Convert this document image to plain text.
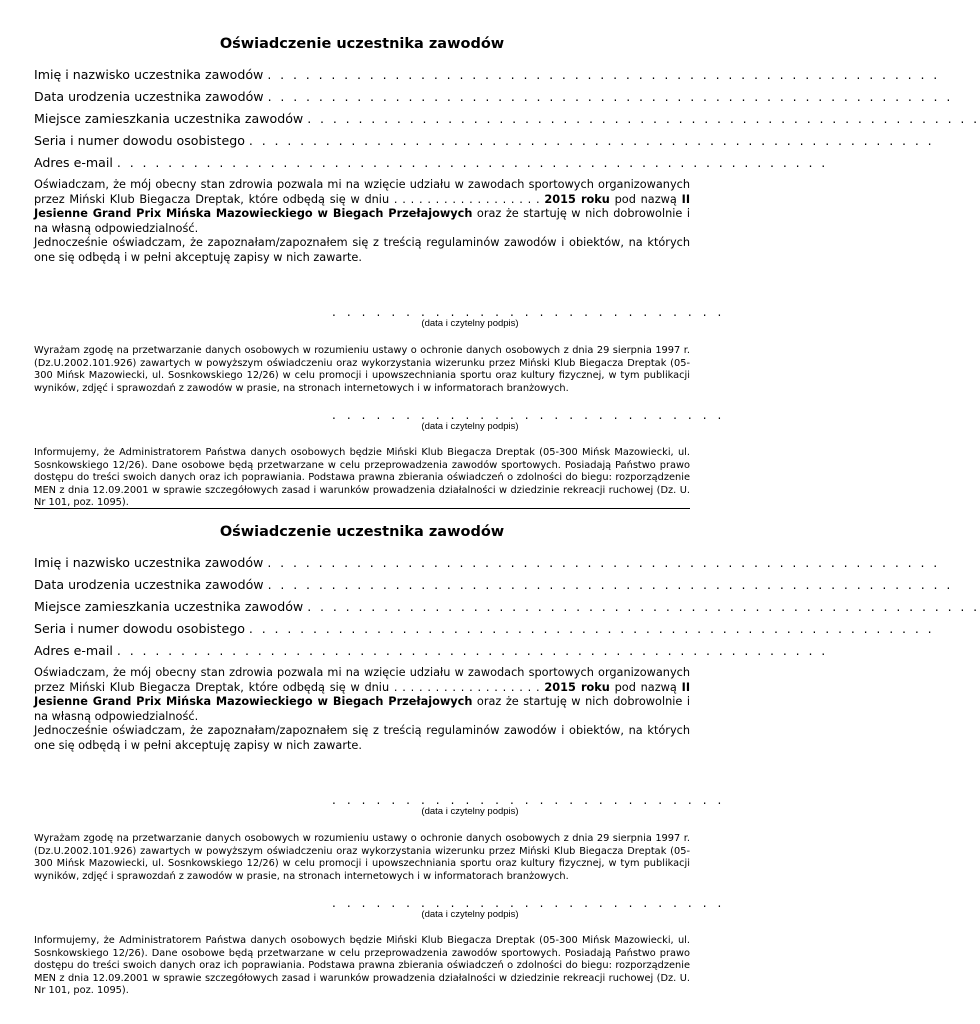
Oświadczenie uczestnika zawodów
Imię i nazwisko uczestnika zawodów . . . . . . . . . . . . . . . . . . . . . . . . . . . . . . . . . . . . . . . . . . . . . . . . . . . . .
Data urodzenia uczestnika zawodów . . . . . . . . . . . . . . . . . . . . . . . . . . . . . . . . . . . . . . . . . . . . . . . . . . . . . .
Miejsce zamieszkania uczestnika zawodów . . . . . . . . . . . . . . . . . . . . . . . . . . . . . . . . . . . . . . . . . . . . . . . . . . . . .
Seria i numer dowodu osobistego . . . . . . . . . . . . . . . . . . . . . . . . . . . . . . . . . . . . . . . . . . . . . . . . . . . . . .
Adres e-mail . . . . . . . . . . . . . . . . . . . . . . . . . . . . . . . . . . . . . . . . . . . . . . . . . . . . . . . .

Oświadczam, że mój obecny stan zdrowia pozwala mi na wzięcie udziału w zawodach sportowych organizowanych przez Miński Klub Biegacza Dreptak, które odbędą się w dniu . . . . . . . . . . . . . . . . . . 2015 roku pod nazwą II Jesienne Grand Prix Mińska Mazowieckiego w Biegach Przełajowych oraz że startuję w nich dobrowolnie i na własną odpowiedzialność.

Jednocześnie oświadczam, że zapoznałam/zapoznałem się z treścią regulaminów zawodów i obiektów, na których one się odbędą i w pełni akceptuję zapisy w nich zawarte.

. . . . . . . . . . . . . . . . . . . . . . . . . . .
(data i czytelny podpis)
Wyrażam zgodę na przetwarzanie danych osobowych w rozumieniu ustawy o ochronie danych osobowych z dnia 29 sierpnia 1997 r. (Dz.U.2002.101.926) zawartych w powyższym oświadczeniu oraz wykorzystania wizerunku przez Miński Klub Biegacza Dreptak (05-300 Mińsk Mazowiecki, ul. Sosnkowskiego 12/26) w celu promocji i upowszechniania sportu oraz kultury fizycznej, w tym publikacji wyników, zdjęć i sprawozdań z zawodów w prasie, na stronach internetowych i w informatorach branżowych.
. . . . . . . . . . . . . . . . . . . . . . . . . . .
(data i czytelny podpis)
Informujemy, że Administratorem Państwa danych osobowych będzie Miński Klub Biegacza Dreptak (05-300 Mińsk Mazowiecki, ul. Sosnkowskiego 12/26). Dane osobowe będą przetwarzane w celu przeprowadzenia zawodów sportowych. Posiadają Państwo prawo dostępu do treści swoich danych oraz ich poprawiania. Podstawa prawna zbierania oświadczeń o zdolności do biegu: rozporządzenie MEN z dnia 12.09.2001 w sprawie szczegółowych zasad i warunków prowadzenia działalności w dziedzinie rekreacji ruchowej (Dz. U. Nr 101, poz. 1095).
Oświadczenie uczestnika zawodów
Imię i nazwisko uczestnika zawodów . . . . . . . . . . . . . . . . . . . . . . . . . . . . . . . . . . . . . . . . . . . . . . . . . . . . .
Data urodzenia uczestnika zawodów . . . . . . . . . . . . . . . . . . . . . . . . . . . . . . . . . . . . . . . . . . . . . . . . . . . . . .
Miejsce zamieszkania uczestnika zawodów . . . . . . . . . . . . . . . . . . . . . . . . . . . . . . . . . . . . . . . . . . . . . . . . . . . . .
Seria i numer dowodu osobistego . . . . . . . . . . . . . . . . . . . . . . . . . . . . . . . . . . . . . . . . . . . . . . . . . . . . . .
Adres e-mail . . . . . . . . . . . . . . . . . . . . . . . . . . . . . . . . . . . . . . . . . . . . . . . . . . . . . . . .

Oświadczam, że mój obecny stan zdrowia pozwala mi na wzięcie udziału w zawodach sportowych organizowanych przez Miński Klub Biegacza Dreptak, które odbędą się w dniu . . . . . . . . . . . . . . . . . . 2015 roku pod nazwą II Jesienne Grand Prix Mińska Mazowieckiego w Biegach Przełajowych oraz że startuję w nich dobrowolnie i na własną odpowiedzialność.

Jednocześnie oświadczam, że zapoznałam/zapoznałem się z treścią regulaminów zawodów i obiektów, na których one się odbędą i w pełni akceptuję zapisy w nich zawarte.

. . . . . . . . . . . . . . . . . . . . . . . . . . .
(data i czytelny podpis)
Wyrażam zgodę na przetwarzanie danych osobowych w rozumieniu ustawy o ochronie danych osobowych z dnia 29 sierpnia 1997 r. (Dz.U.2002.101.926) zawartych w powyższym oświadczeniu oraz wykorzystania wizerunku przez Miński Klub Biegacza Dreptak (05-300 Mińsk Mazowiecki, ul. Sosnkowskiego 12/26) w celu promocji i upowszechniania sportu oraz kultury fizycznej, w tym publikacji wyników, zdjęć i sprawozdań z zawodów w prasie, na stronach internetowych i w informatorach branżowych.
. . . . . . . . . . . . . . . . . . . . . . . . . . .
(data i czytelny podpis)
Informujemy, że Administratorem Państwa danych osobowych będzie Miński Klub Biegacza Dreptak (05-300 Mińsk Mazowiecki, ul. Sosnkowskiego 12/26). Dane osobowe będą przetwarzane w celu przeprowadzenia zawodów sportowych. Posiadają Państwo prawo dostępu do treści swoich danych oraz ich poprawiania. Podstawa prawna zbierania oświadczeń o zdolności do biegu: rozporządzenie MEN z dnia 12.09.2001 w sprawie szczegółowych zasad i warunków prowadzenia działalności w dziedzinie rekreacji ruchowej (Dz. U. Nr 101, poz. 1095).
